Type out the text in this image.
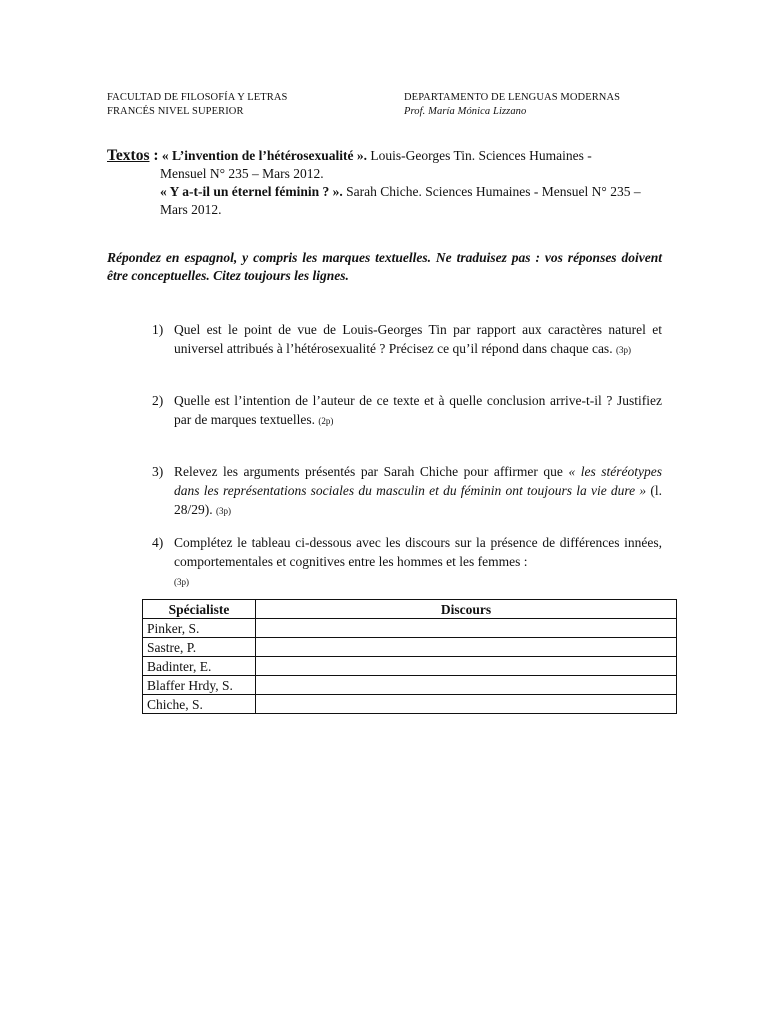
FACULTAD DE FILOSOFÍA Y LETRAS
FRANCÉS NIVEL SUPERIOR
DEPARTAMENTO DE LENGUAS MODERNAS
Prof. María Mónica Lizzano
Textos : « L’invention de l’hétérosexualité ». Louis-Georges Tin. Sciences Humaines -
Mensuel N° 235 – Mars 2012.
« Y a-t-il un éternel féminin ? ». Sarah Chiche. Sciences Humaines - Mensuel N° 235 –
Mars 2012.
Répondez en espagnol, y compris les marques textuelles. Ne traduisez pas : vos réponses doivent être conceptuelles. Citez toujours les lignes.
1) Quel est le point de vue de Louis-Georges Tin par rapport aux caractères naturel et universel attribués à l’hétérosexualité ? Précisez ce qu’il répond dans chaque cas. (3p)
2) Quelle est l’intention de l’auteur de ce texte et à quelle conclusion arrive-t-il ? Justifiez par de marques textuelles. (2p)
3) Relevez les arguments présentés par Sarah Chiche pour affirmer que « les stéréotypes dans les représentations sociales du masculin et du féminin ont toujours la vie dure » (l. 28/29). (3p)
4) Complétez le tableau ci-dessous avec les discours sur la présence de différences innées, comportementales et cognitives entre les hommes et les femmes :
(3p)
Spécialiste	Discours
Pinker, S.	
Sastre, P.	
Badinter, E.	
Blaffer Hrdy, S.	
Chiche, S.	
